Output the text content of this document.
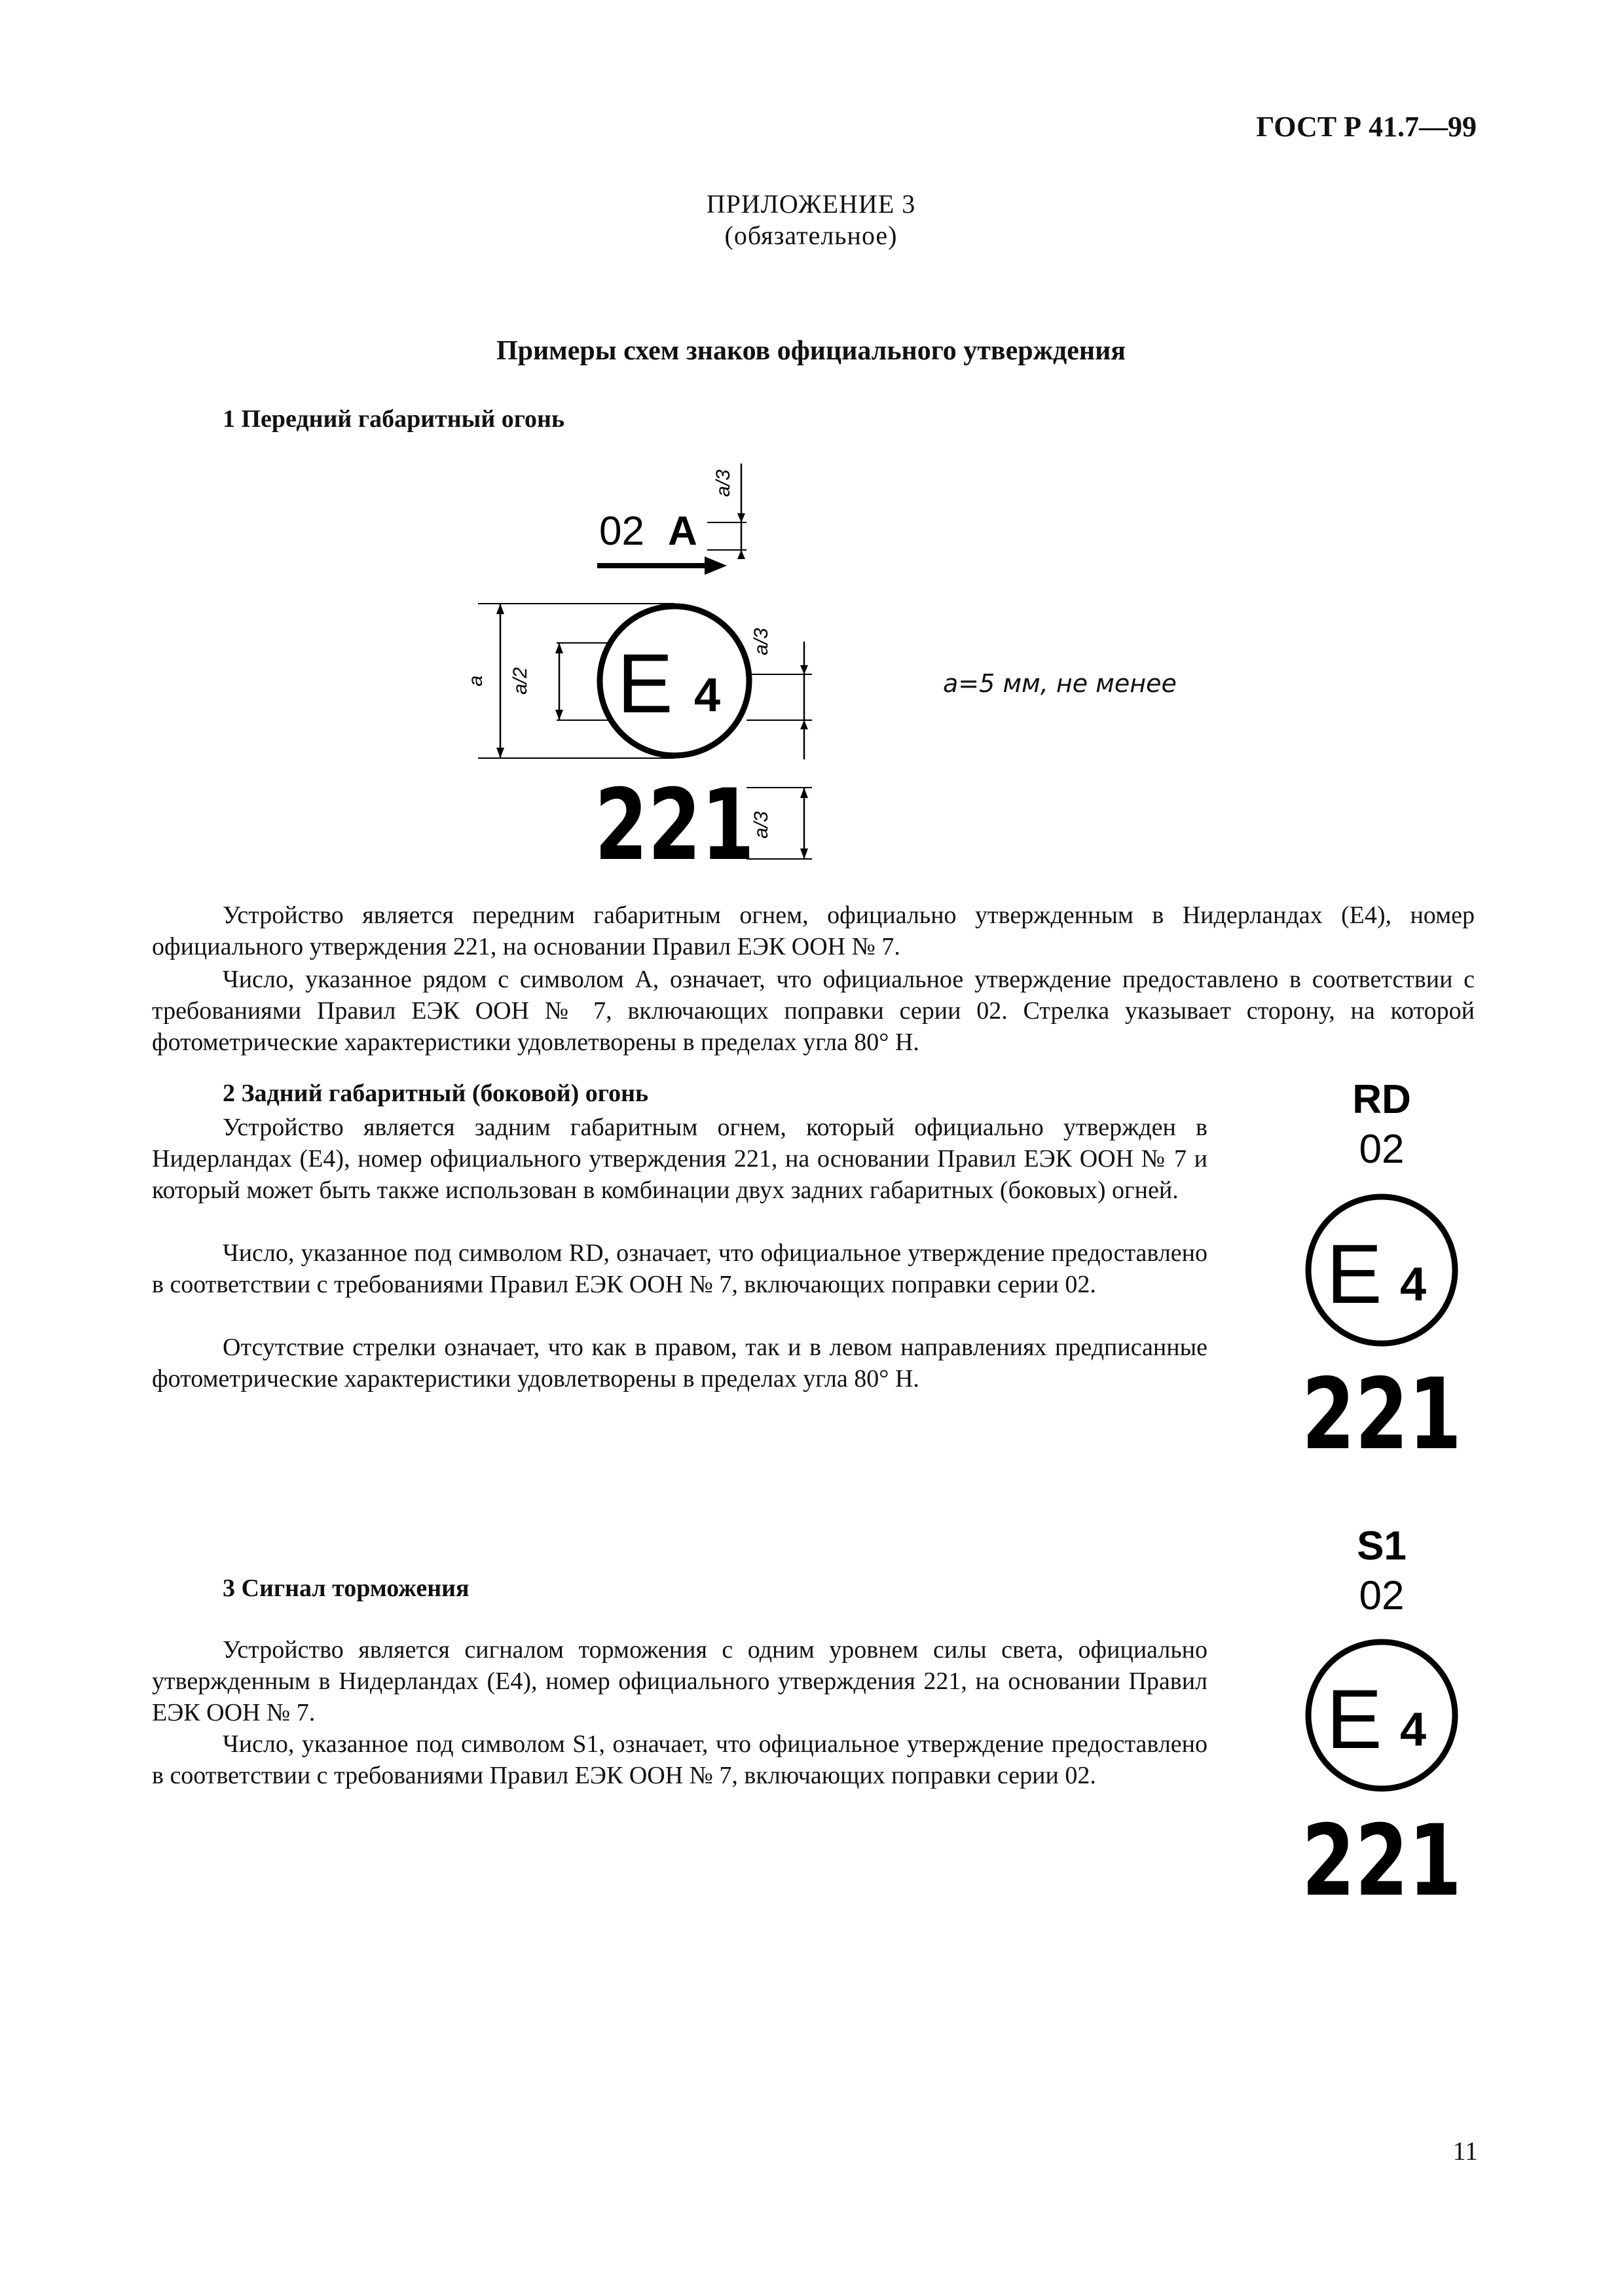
ГОСТ Р 41.7—99
ПРИЛОЖЕНИЕ 3
(обязательное)
Примеры схем знаков официального утверждения
1 Передний габаритный огонь
a/3
02 A
a a/2 E 4
a/3
221
a/3
a=5 мм, не менее
Устройство является передним габаритным огнем, официально утвержденным в Нидерландах (E4), номер официального утверждения 221, на основании Правил ЕЭК ООН № 7.
Число, указанное рядом с символом А, означает, что официальное утверждение предоставлено в соответствии с требованиями Правил ЕЭК ООН № 7, включающих поправки серии 02. Стрелка указывает сторону, на которой фотометрические характеристики удовлетворены в пределах угла 80° H.
2 Задний габаритный (боковой) огонь
Устройство является задним габаритным огнем, который официально утвержден в Нидерландах (E4), номер официального утверждения 221, на основании Правил ЕЭК ООН № 7 и который может быть также использован в комбинации двух задних габаритных (боковых) огней.
Число, указанное под символом RD, означает, что официальное утверждение предоставлено в соответствии с требованиями Правил ЕЭК ООН № 7, включающих поправки серии 02.
Отсутствие стрелки означает, что как в правом, так и в левом направлениях предписанные фотометрические характеристики удовлетворены в пределах угла 80° H.
RD
02
E 4
221
3 Сигнал торможения
Устройство является сигналом торможения с одним уровнем силы света, официально утвержденным в Нидерландах (E4), номер официального утверждения 221, на основании Правил ЕЭК ООН № 7.
Число, указанное под символом S1, означает, что официальное утверждение предоставлено в соответствии с требованиями Правил ЕЭК ООН № 7, включающих поправки серии 02.
S1
02
E 4
221
11
